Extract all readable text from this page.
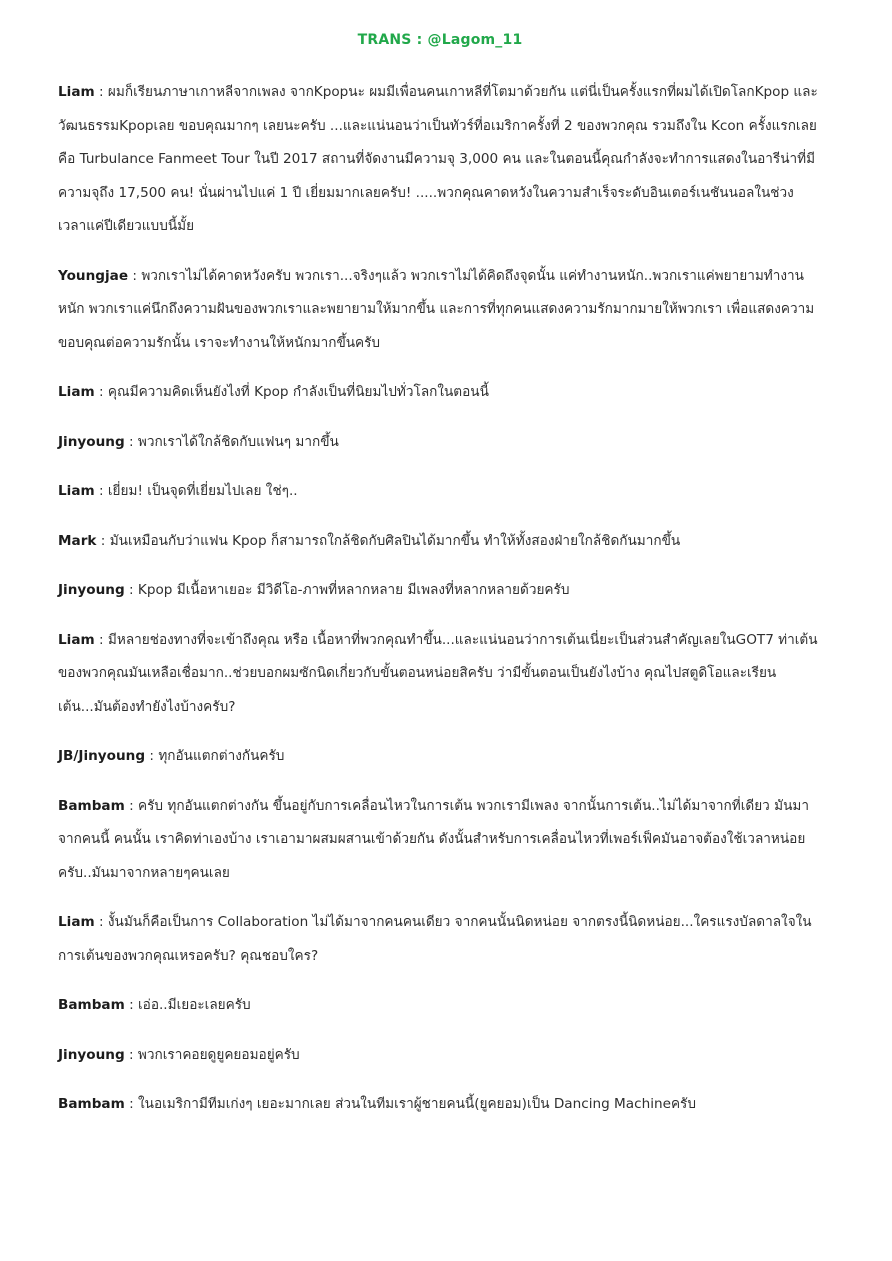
TRANS : @Lagom_11
Liam : ผมก็เรียนภาษาเกาหลีจากเพลง จากKpopนะ ผมมีเพื่อนคนเกาหลีที่โตมาด้วยกัน แต่นี่เป็นครั้งแรกที่ผมได้เปิดโลกKpop และวัฒนธรรมKpopเลย ขอบคุณมากๆ เลยนะครับ ...และแน่นอนว่าเป็นทัวร์ที่อเมริกาครั้งที่ 2 ของพวกคุณ รวมถึงใน Kcon ครั้งแรกเลยคือ Turbulance Fanmeet Tour ในปี 2017 สถานที่จัดงานมีความจุ 3,000 คน และในตอนนี้คุณกำลังจะทำการแสดงในอารีน่าที่มีความจุถึง 17,500 คน! นั่นผ่านไปแค่ 1 ปี เยี่ยมมากเลยครับ! .....พวกคุณคาดหวังในความสำเร็จระดับอินเตอร์เนชันนอลในช่วงเวลาแค่ปีเดียวแบบนี้มั้ย
Youngjae : พวกเราไม่ได้คาดหวังครับ พวกเรา...จริงๆแล้ว พวกเราไม่ได้คิดถึงจุดนั้น แค่ทำงานหนัก..พวกเราแค่พยายามทำงานหนัก พวกเราแค่นึกถึงความฝันของพวกเราและพยายามให้มากขึ้น และการที่ทุกคนแสดงความรักมากมายให้พวกเรา เพื่อแสดงความขอบคุณต่อความรักนั้น เราจะทำงานให้หนักมากขึ้นครับ
Liam : คุณมีความคิดเห็นยังไงที่ Kpop กำลังเป็นที่นิยมไปทั่วโลกในตอนนี้
Jinyoung : พวกเราได้ใกล้ชิดกับแฟนๆ มากขึ้น
Liam : เยี่ยม! เป็นจุดที่เยี่ยมไปเลย ใช่ๆ..
Mark : มันเหมือนกับว่าแฟน Kpop ก็สามารถใกล้ชิดกับศิลปินได้มากขึ้น ทำให้ทั้งสองฝ่ายใกล้ชิดกันมากขึ้น
Jinyoung : Kpop มีเนื้อหาเยอะ มีวิดีโอ-ภาพที่หลากหลาย มีเพลงที่หลากหลายด้วยครับ
Liam : มีหลายช่องทางที่จะเข้าถึงคุณ หรือ เนื้อหาที่พวกคุณทำขึ้น...และแน่นอนว่าการเต้นเนี่ยะเป็นส่วนสำคัญเลยในGOT7 ท่าเต้นของพวกคุณมันเหลือเชื่อมาก..ช่วยบอกผมซักนิดเกี่ยวกับขั้นตอนหน่อยสิครับ ว่ามีขั้นตอนเป็นยังไงบ้าง คุณไปสตูดิโอและเรียนเต้น...มันต้องทำยังไงบ้างครับ?
JB/Jinyoung : ทุกอันแตกต่างกันครับ
Bambam : ครับ ทุกอันแตกต่างกัน ขึ้นอยู่กับการเคลื่อนไหวในการเต้น พวกเรามีเพลง จากนั้นการเต้น..ไม่ได้มาจากที่เดียว มันมาจากคนนี้ คนนั้น เราคิดท่าเองบ้าง เราเอามาผสมผสานเข้าด้วยกัน ดังนั้นสำหรับการเคลื่อนไหวที่เพอร์เฟ็คมันอาจต้องใช้เวลาหน่อย ครับ..มันมาจากหลายๆคนเลย
Liam : งั้นมันก็คือเป็นการ Collaboration ไม่ได้มาจากคนคนเดียว จากคนนั้นนิดหน่อย จากตรงนี้นิดหน่อย...ใครแรงบัลดาลใจในการเต้นของพวกคุณเหรอครับ? คุณชอบใคร?
Bambam : เอ่อ..มีเยอะเลยครับ
Jinyoung : พวกเราคอยดูยูคยอมอยู่ครับ
Bambam : ในอเมริกามีทีมเก่งๆ เยอะมากเลย ส่วนในทีมเราผู้ชายคนนี้(ยูคยอม)เป็น Dancing Machineครับ
